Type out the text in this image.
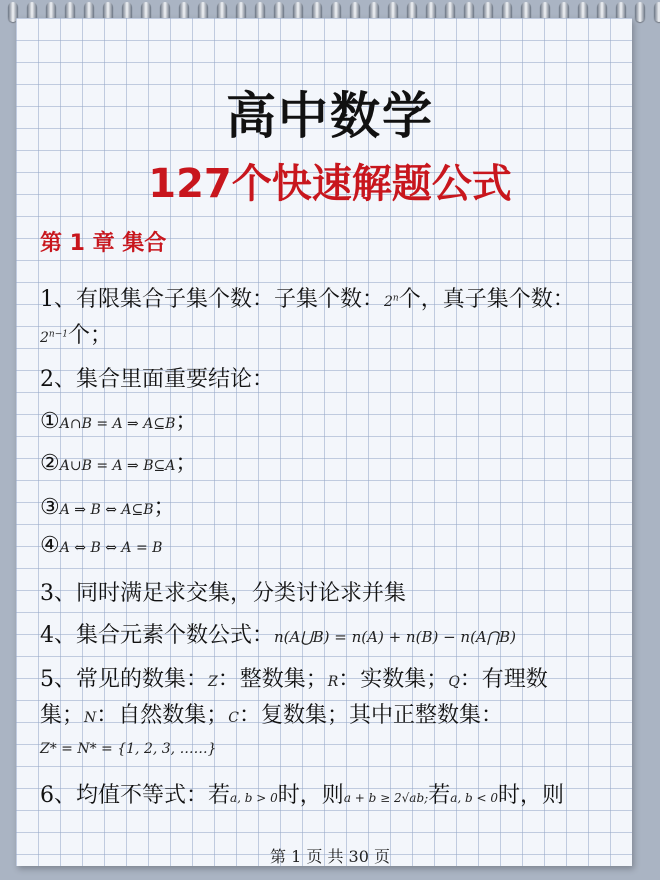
高中数学
127个快速解题公式
第 1 章 集合
1、有限集合子集个数：子集个数：2$^n$个，真子集个数：
$2^{n-1}$个；
2、集合里面重要结论：
①A∩B = A ⇒ A⊆B；
②A∪B = A ⇒ B⊆A；
③A ⇒ B ⇔ A⊆B；
④A ⇔ B ⇔ A = B
3、同时满足求交集，分类讨论求并集
4、集合元素个数公式：n(A⋃B) = n(A) + n(B) − n(A⋂B)
5、常见的数集：Z：整数集；R：实数集；Q：有理数
集；N：自然数集；C：复数集；其中正整数集：
Z* = N* = {1, 2, 3, ……}
6、均值不等式：若a, b > 0时，则a + b ≥ 2√ab;若a, b < 0时，则
第 1 页 共 30 页
